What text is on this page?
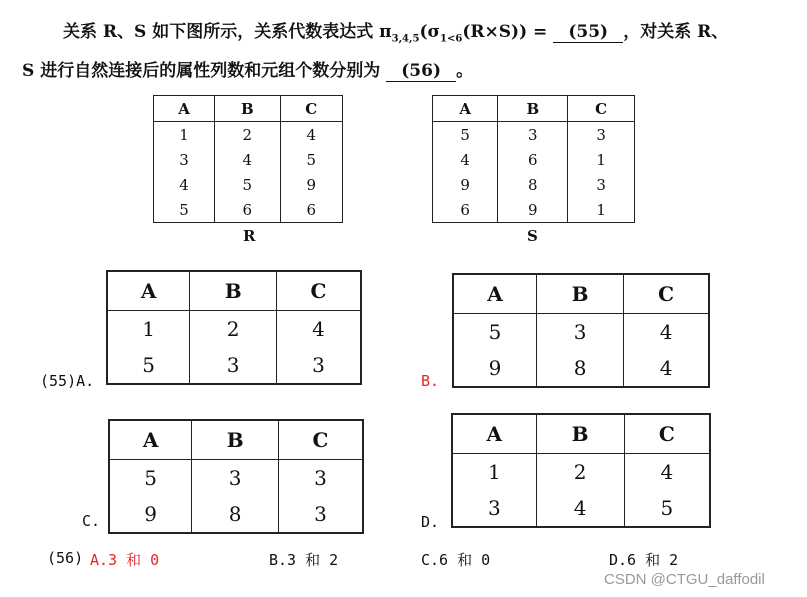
关系 R、S 如下图所示，关系代数表达式 $\pi_{3,4,5}(\sigma_{1<6}(R\times S)) = (55)$ ，对关系 R、
S 进行自然连接后的属性列数和元组个数分别为 (56) 。
A	B	C
1	2	4
3	4	5
4	5	9
5	6	6
R
A	B	C
5	3	3
4	6	1
9	8	3
6	9	1
S
A	B	C
1	2	4
5	3	3
(55)A.
A	B	C
5	3	4
9	8	4
B.
A	B	C
5	3	3
9	8	3
C.
A	B	C
1	2	4
3	4	5
D.
(56) A.3 和 0	B.3 和 2	C.6 和 0	D.6 和 2
CSDN @CTGU_daffodil
